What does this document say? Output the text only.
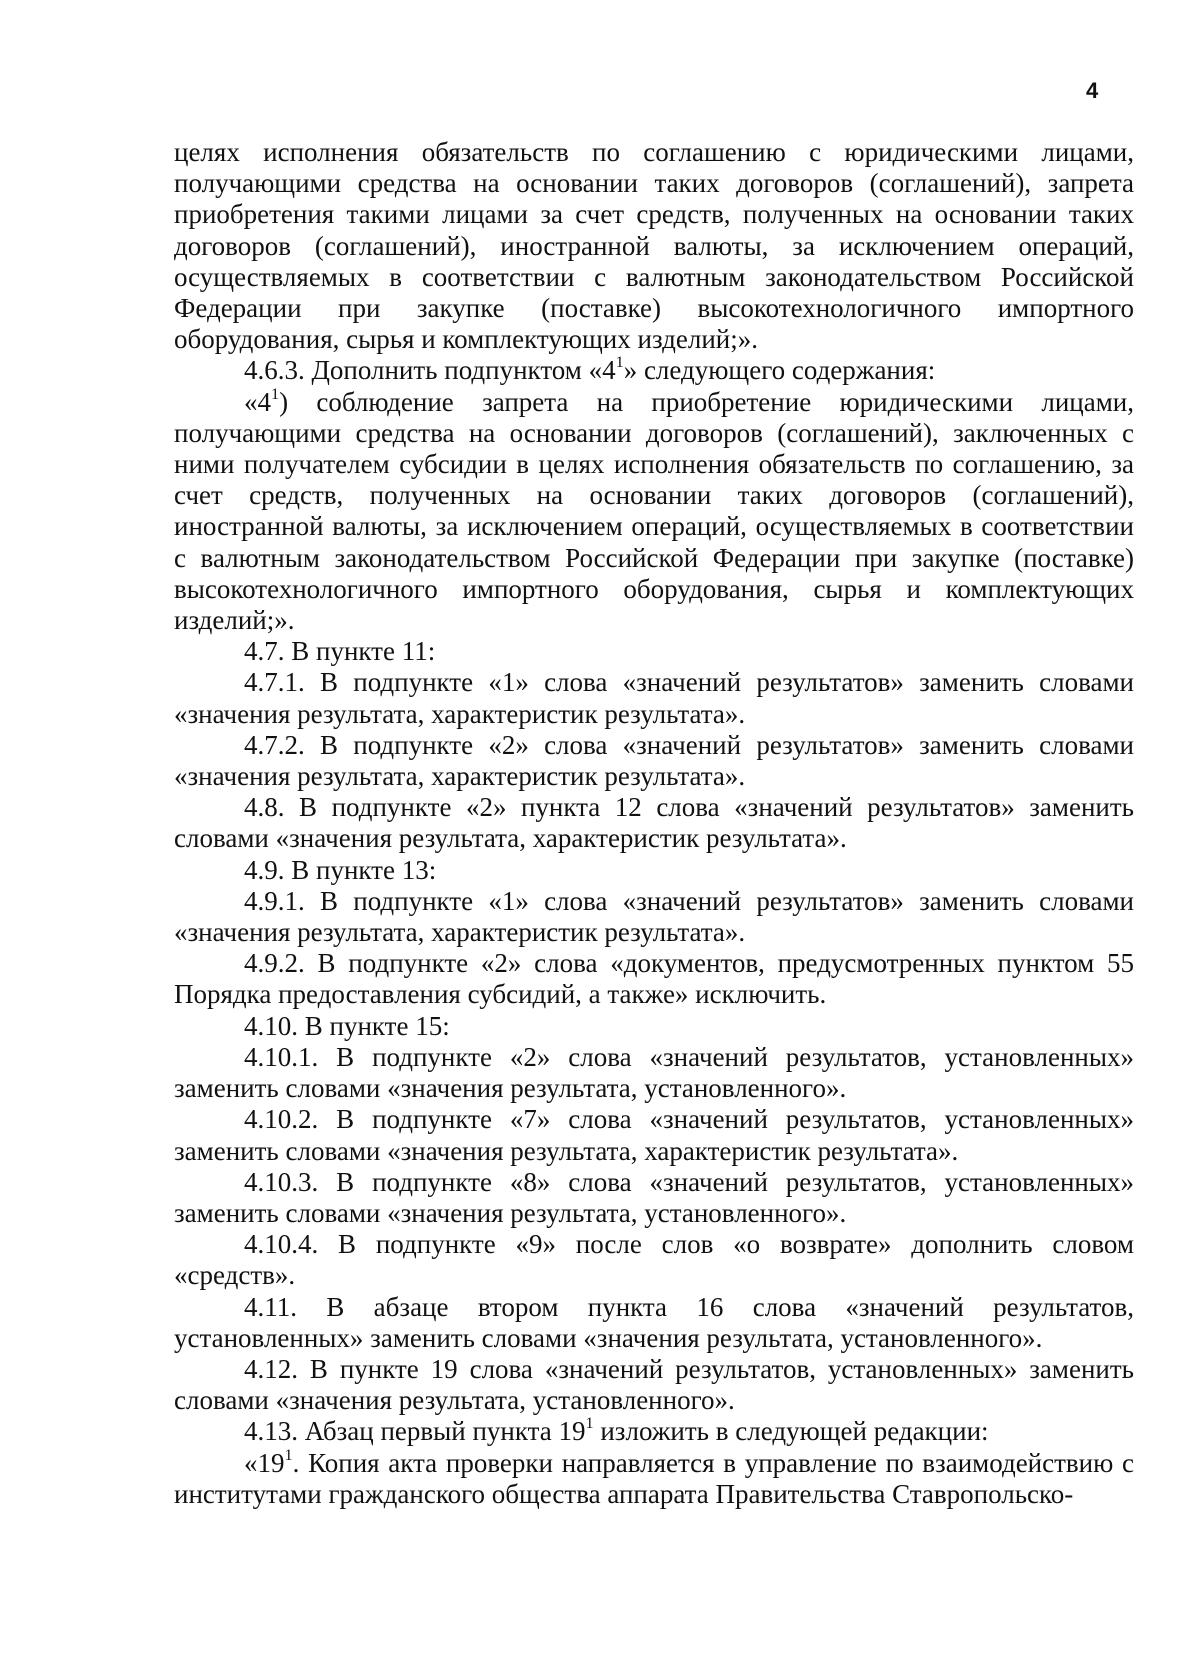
4

целях исполнения обязательств по соглашению с юридическими лицами, получающими средства на основании таких договоров (соглашений), запрета приобретения такими лицами за счет средств, полученных на основании таких договоров (соглашений), иностранной валюты, за исключением операций, осуществляемых в соответствии с валютным законодательством Российской Федерации при закупке (поставке) высокотехнологичного импортного оборудования, сырья и комплектующих изделий;».

4.6.3. Дополнить подпунктом «$4^1$» следующего содержания:

«$4^1$) соблюдение запрета на приобретение юридическими лицами, получающими средства на основании договоров (соглашений), заключенных с ними получателем субсидии в целях исполнения обязательств по соглашению, за счет средств, полученных на основании таких договоров (соглашений), иностранной валюты, за исключением операций, осуществляемых в соответствии с валютным законодательством Российской Федерации при закупке (поставке) высокотехнологичного импортного оборудования, сырья и комплектующих изделий;».

4.7. В пункте 11:

4.7.1. В подпункте «1» слова «значений результатов» заменить словами «значения результата, характеристик результата».

4.7.2. В подпункте «2» слова «значений результатов» заменить словами «значения результата, характеристик результата».

4.8. В подпункте «2» пункта 12 слова «значений результатов» заменить словами «значения результата, характеристик результата».

4.9. В пункте 13:

4.9.1. В подпункте «1» слова «значений результатов» заменить словами «значения результата, характеристик результата».

4.9.2. В подпункте «2» слова «документов, предусмотренных пунктом 55 Порядка предоставления субсидий, а также» исключить.

4.10. В пункте 15:

4.10.1. В подпункте «2» слова «значений результатов, установленных» заменить словами «значения результата, установленного».

4.10.2. В подпункте «7» слова «значений результатов, установленных» заменить словами «значения результата, характеристик результата».

4.10.3. В подпункте «8» слова «значений результатов, установленных» заменить словами «значения результата, установленного».

4.10.4. В подпункте «9» после слов «о возврате» дополнить словом «средств».

4.11. В абзаце втором пункта 16 слова «значений результатов, установленных» заменить словами «значения результата, установленного».

4.12. В пункте 19 слова «значений результатов, установленных» заменить словами «значения результата, установленного».

4.13. Абзац первый пункта $19^1$ изложить в следующей редакции:

«$19^1$. Копия акта проверки направляется в управление по взаимодействию с институтами гражданского общества аппарата Правительства Ставропольско-
